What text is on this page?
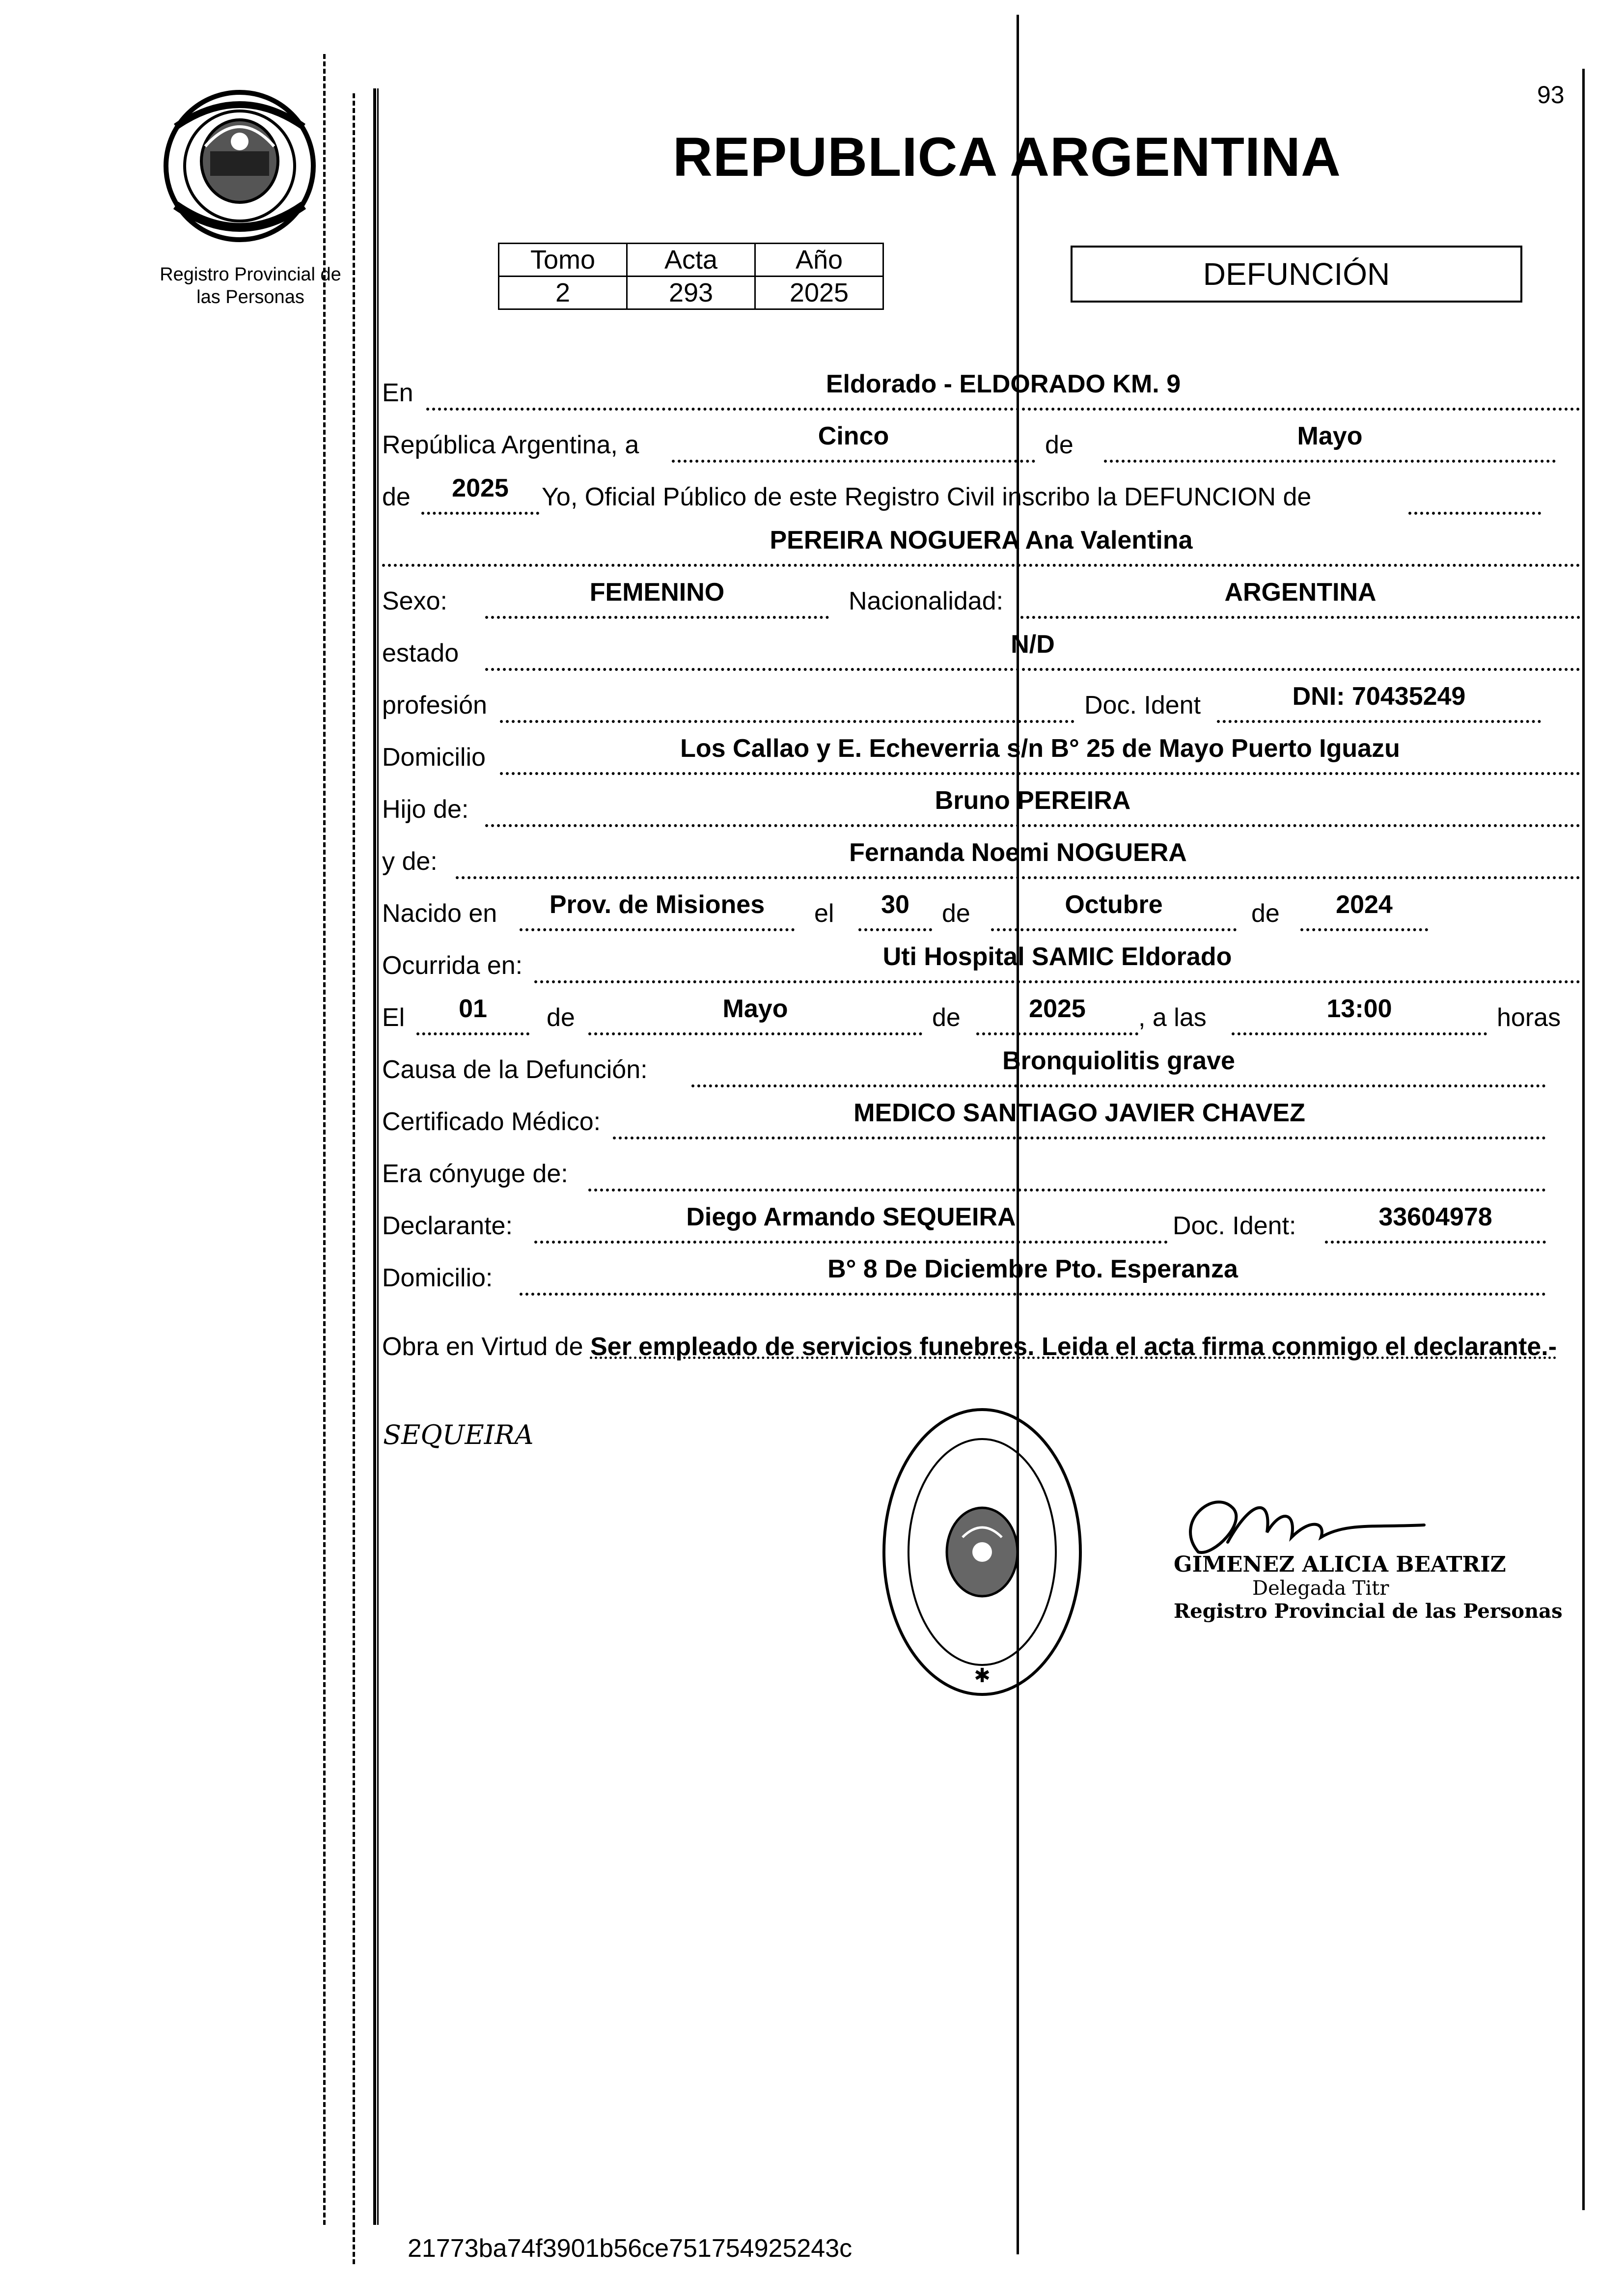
93
Registro Provincial de
las Personas
REPUBLICA ARGENTINA
Tomo	Acta	Año
2	293	2025
DEFUNCIÓN
En	Eldorado - ELDORADO KM. 9
República Argentina, a	Cinco	de	Mayo
de	2025	Yo, Oficial Público de este Registro Civil inscribo la DEFUNCION de
PEREIRA NOGUERA Ana Valentina
Sexo:	FEMENINO	Nacionalidad:	ARGENTINA
estado	N/D
profesión	Doc. Ident	DNI: 70435249
Domicilio	Los Callao y E. Echeverria s/n B° 25 de Mayo Puerto Iguazu
Hijo de:	Bruno PEREIRA
y de:	Fernanda Noemi NOGUERA
Nacido en	Prov. de Misiones	el	30	de	Octubre	de	2024
Ocurrida en:	Uti Hospital SAMIC Eldorado
El	01	de	Mayo	de	2025	, a las	13:00	horas
Causa de la Defunción:	Bronquiolitis grave
Certificado Médico:	MEDICO SANTIAGO JAVIER CHAVEZ
Era cónyuge de:
Declarante:	Diego Armando SEQUEIRA	Doc. Ident:	33604978
Domicilio:	B° 8 De Diciembre Pto. Esperanza
Obra en Virtud de Ser empleado de servicios funebres. Leida el acta firma conmigo el declarante.-
SEQUEIRA
✱
GIMENEZ ALICIA BEATRIZ
Delegada Titr
Registro Provincial de las Personas
21773ba74f3901b56ce751754925243c
